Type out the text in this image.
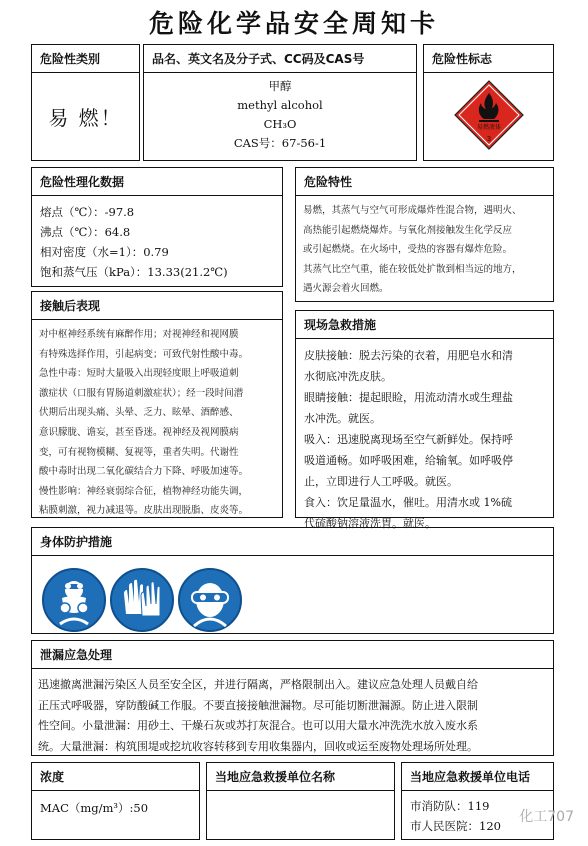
危险化学品安全周知卡
危险性类别
易 燃！
品名、英文名及分子式、CC码及CAS号
甲醇
methyl alcohol
CH₃O
CAS号：67-56-1
危险性标志
易燃液体
3
危险性理化数据
熔点（℃）：-97.8
沸点（℃）：64.8
相对密度（水=1）：0.79
饱和蒸气压（kPa）：13.33(21.2℃)
危险特性
易燃，其蒸气与空气可形成爆炸性混合物，遇明火、
高热能引起燃烧爆炸。与氧化剂接触发生化学反应
或引起燃烧。在火场中，受热的容器有爆炸危险。
其蒸气比空气重，能在较低处扩散到相当远的地方，
遇火源会着火回燃。
接触后表现
对中枢神经系统有麻醉作用；对视神经和视网膜
有特殊选择作用，引起病变；可致代射性酸中毒。
急性中毒：短时大量吸入出现轻度眼上呼吸道刺
激症状（口服有胃肠道刺激症状）；经一段时间潜
伏期后出现头痛、头晕、乏力、眩晕、酒醉感、
意识朦胧、谵妄，甚至昏迷。视神经及视网膜病
变，可有视物模糊、复视等，重者失明。代谢性
酸中毒时出现二氧化碳结合力下降、呼吸加速等。
慢性影响：神经衰弱综合征，植物神经功能失调，
粘膜刺激，视力减退等。皮肤出现脱脂、皮炎等。
现场急救措施
皮肤接触：脱去污染的衣着，用肥皂水和清
水彻底冲洗皮肤。
眼睛接触：提起眼睑，用流动清水或生理盐
水冲洗。就医。
吸入：迅速脱离现场至空气新鲜处。保持呼
吸道通畅。如呼吸困难，给输氧。如呼吸停
止，立即进行人工呼吸。就医。
食入：饮足量温水，催吐。用清水或 1%硫
代硫酸钠溶液洗胃。就医。
身体防护措施
泄漏应急处理
迅速撤离泄漏污染区人员至安全区，并进行隔离，严格限制出入。建议应急处理人员戴自给
正压式呼吸器，穿防酸碱工作服。不要直接接触泄漏物。尽可能切断泄漏源。防止进入限制
性空间。小量泄漏：用砂土、干燥石灰或苏打灰混合。也可以用大量水冲洗洗水放入废水系
统。大量泄漏：构筑围堤或挖坑收容转移到专用收集器内，回收或运至废物处理场所处理。
浓度
MAC（mg/m³）:50
当地应急救援单位名称	当地应急救援单位电话
市消防队：119
市人民医院：120
化工707
